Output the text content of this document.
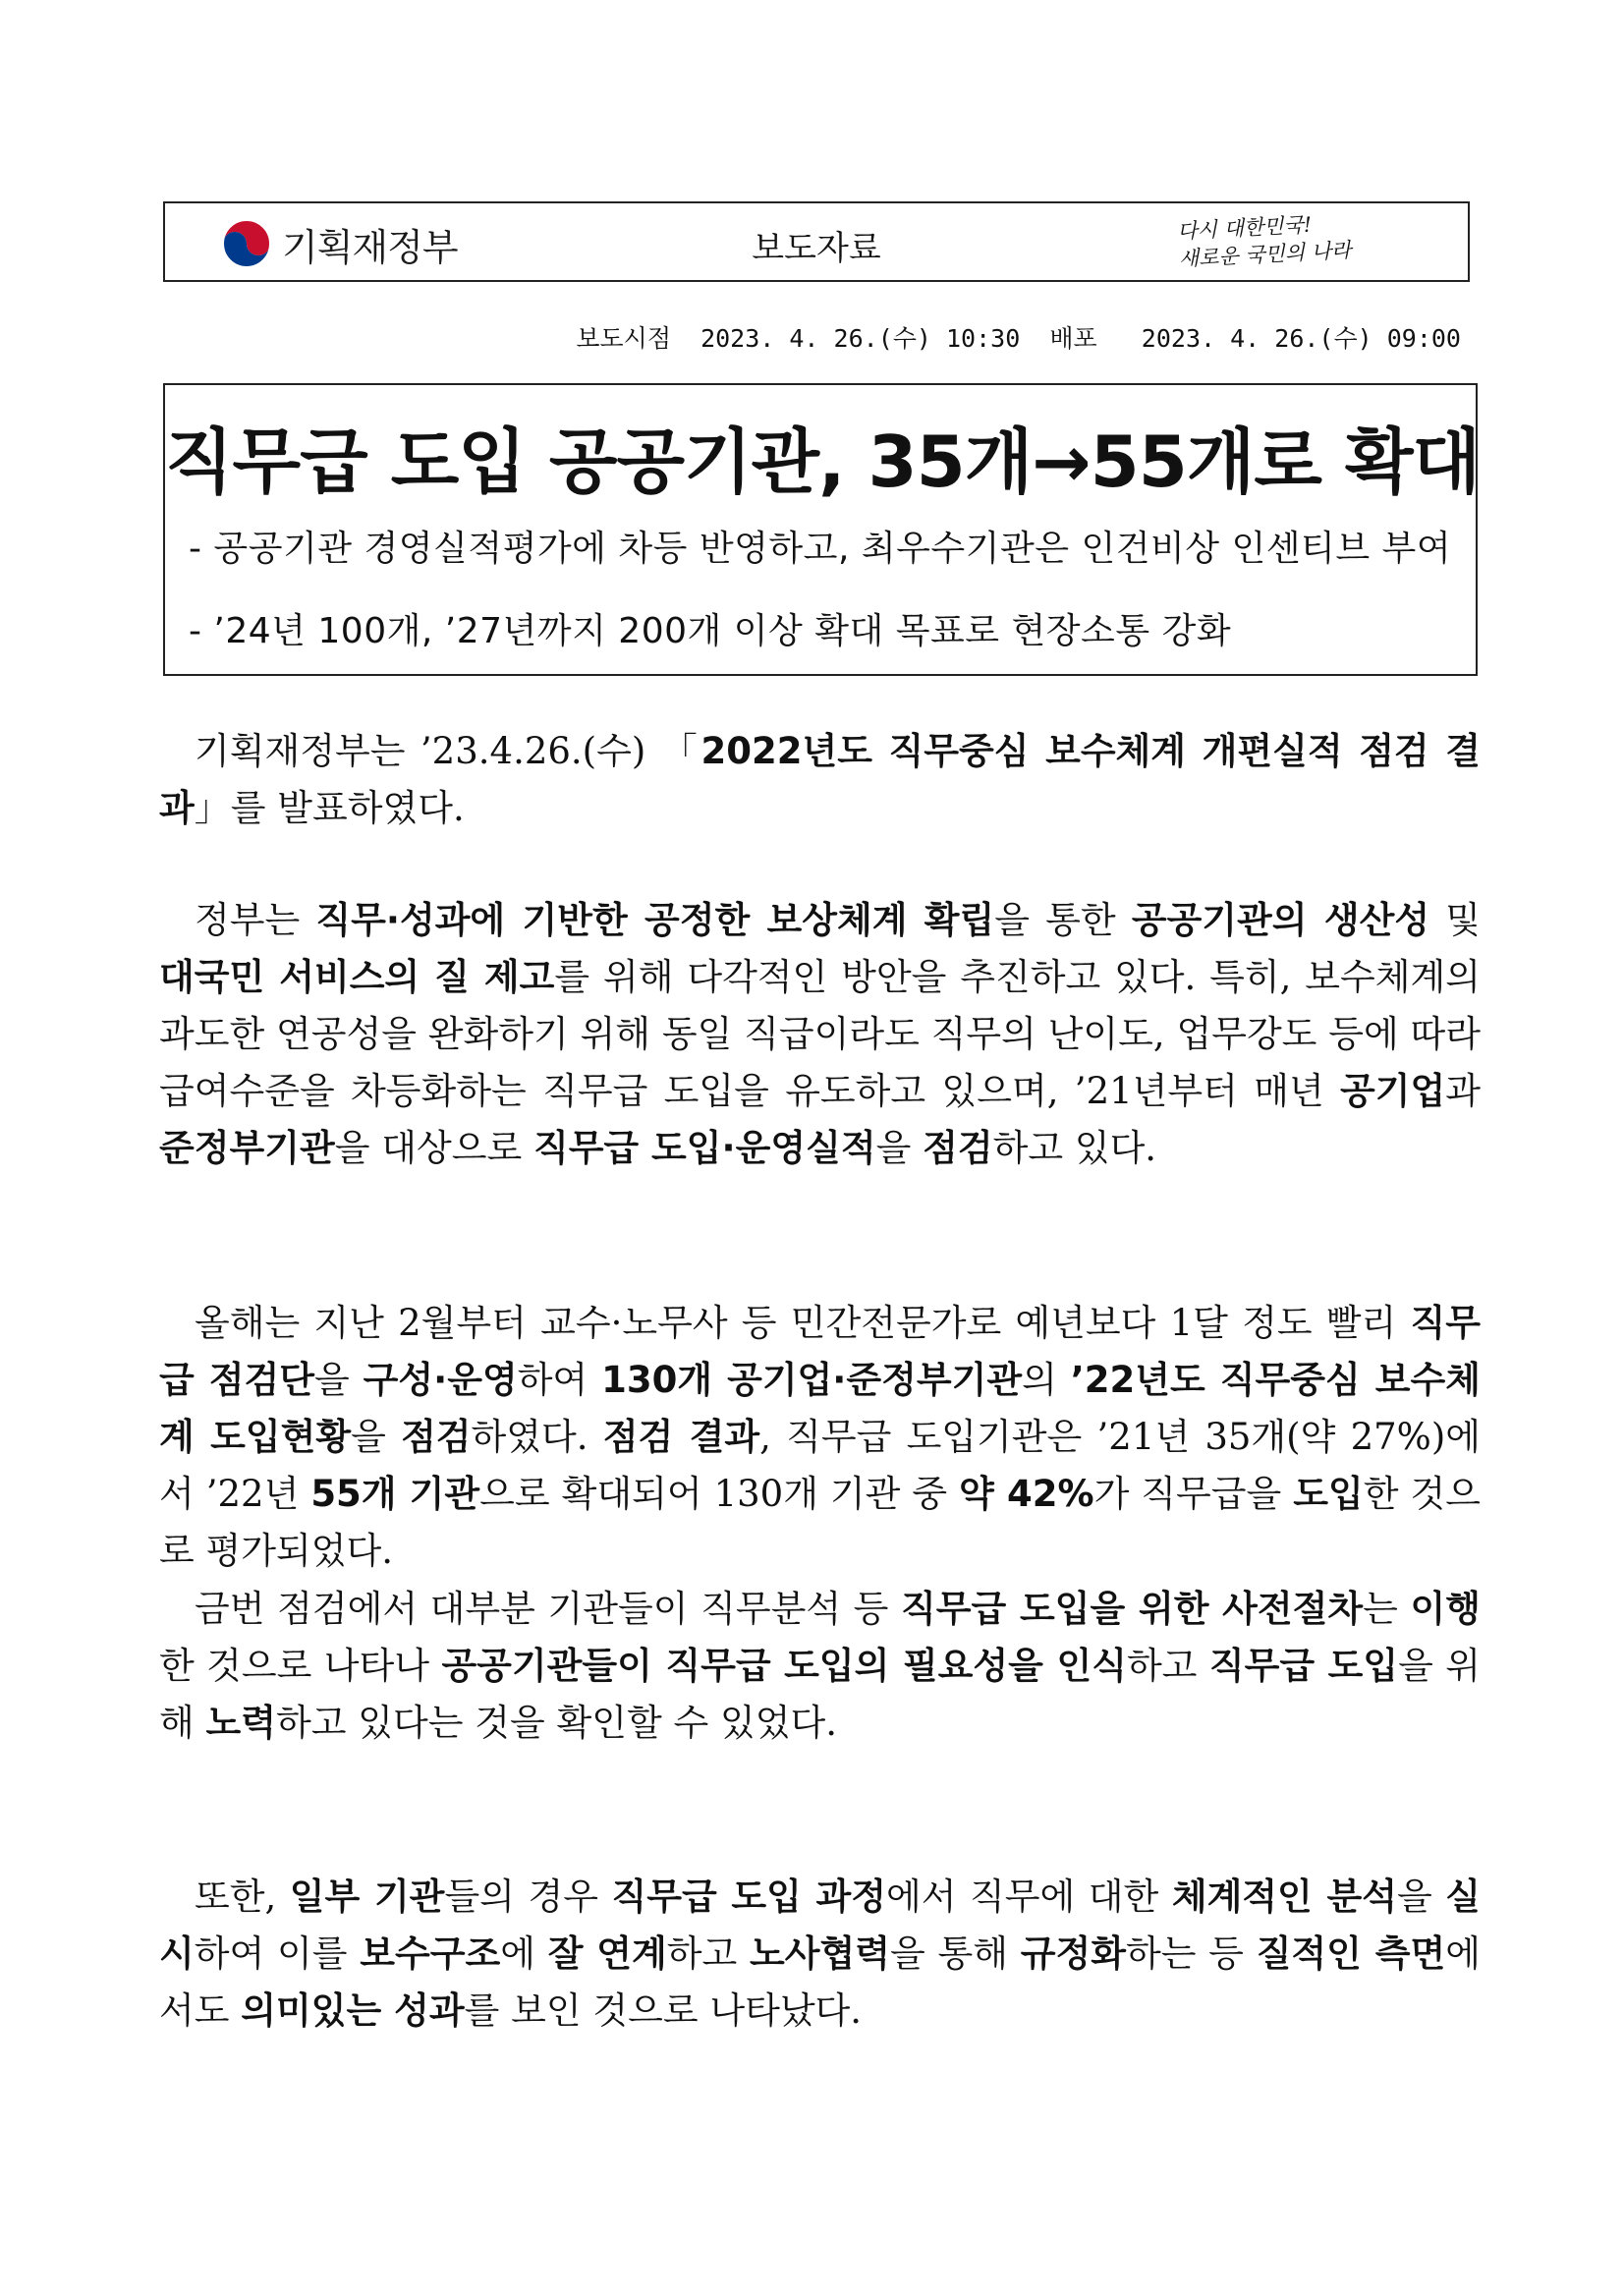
기획재정부	보도자료
다시 대한민국!
새로운 국민의 나라
보도시점  2023. 4. 26.(수) 10:30  배포   2023. 4. 26.(수) 09:00
직무급 도입 공공기관, 35개→55개로 확대
- 공공기관 경영실적평가에 차등 반영하고, 최우수기관은 인건비상 인센티브 부여
- ’24년 100개, ’27년까지 200개 이상 확대 목표로 현장소통 강화
기획재정부는 ’23.4.26.(수) 「2022년도 직무중심 보수체계 개편실적 점검 결과」를 발표하였다.
정부는 직무·성과에 기반한 공정한 보상체계 확립을 통한 공공기관의 생산성 및 대국민 서비스의 질 제고를 위해 다각적인 방안을 추진하고 있다. 특히, 보수체계의 과도한 연공성을 완화하기 위해 동일 직급이라도 직무의 난이도, 업무강도 등에 따라 급여수준을 차등화하는 직무급 도입을 유도하고 있으며, ’21년부터 매년 공기업과 준정부기관을 대상으로 직무급 도입·운영실적을 점검하고 있다.
올해는 지난 2월부터 교수·노무사 등 민간전문가로 예년보다 1달 정도 빨리 직무급 점검단을 구성·운영하여 130개 공기업·준정부기관의 ’22년도 직무중심 보수체계 도입현황을 점검하였다. 점검 결과, 직무급 도입기관은 ’21년 35개(약 27%)에서 ’22년 55개 기관으로 확대되어 130개 기관 중 약 42%가 직무급을 도입한 것으로 평가되었다.
금번 점검에서 대부분 기관들이 직무분석 등 직무급 도입을 위한 사전절차는 이행한 것으로 나타나 공공기관들이 직무급 도입의 필요성을 인식하고 직무급 도입을 위해 노력하고 있다는 것을 확인할 수 있었다.
또한, 일부 기관들의 경우 직무급 도입 과정에서 직무에 대한 체계적인 분석을 실시하여 이를 보수구조에 잘 연계하고 노사협력을 통해 규정화하는 등 질적인 측면에서도 의미있는 성과를 보인 것으로 나타났다.
